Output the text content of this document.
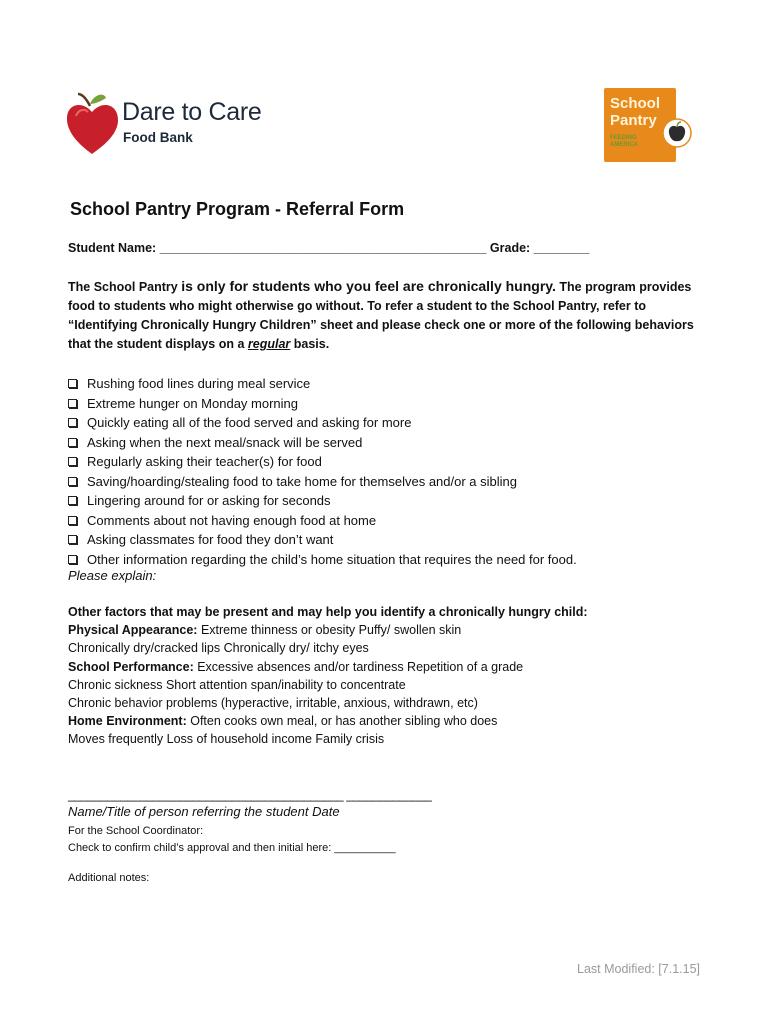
Dare to Care
Food Bank
School
Pantry
FEEDING AMERICA
School Pantry Program - Referral Form
Student Name: _______________________________________________ Grade: ________
The School Pantry is only for students who you feel are chronically hungry. The program provides food to students who might otherwise go without. To refer a student to the School Pantry, refer to “Identifying Chronically Hungry Children” sheet and please check one or more of the following behaviors that the student displays on a regular basis.
Rushing food lines during meal service
Extreme hunger on Monday morning
Quickly eating all of the food served and asking for more
Asking when the next meal/snack will be served
Regularly asking their teacher(s) for food
Saving/hoarding/stealing food to take home for themselves and/or a sibling
Lingering around for or asking for seconds
Comments about not having enough food at home
Asking classmates for food they don’t want
Other information regarding the child’s home situation that requires the need for food.
Please explain:
Other factors that may be present and may help you identify a chronically hungry child:
Physical Appearance: Extreme thinness or obesity Puffy/ swollen skin
Chronically dry/cracked lips Chronically dry/ itchy eyes
School Performance: Excessive absences and/or tardiness Repetition of a grade
Chronic sickness Short attention span/inability to concentrate
Chronic behavior problems (hyperactive, irritable, anxious, withdrawn, etc)
Home Environment: Often cooks own meal, or has another sibling who does
Moves frequently Loss of household income Family crisis
__________________________________________ _____________
Name/Title of person referring the student Date
For the School Coordinator:
Check to confirm child’s approval and then initial here: __________
Additional notes:
Last Modified: [7.1.15]
